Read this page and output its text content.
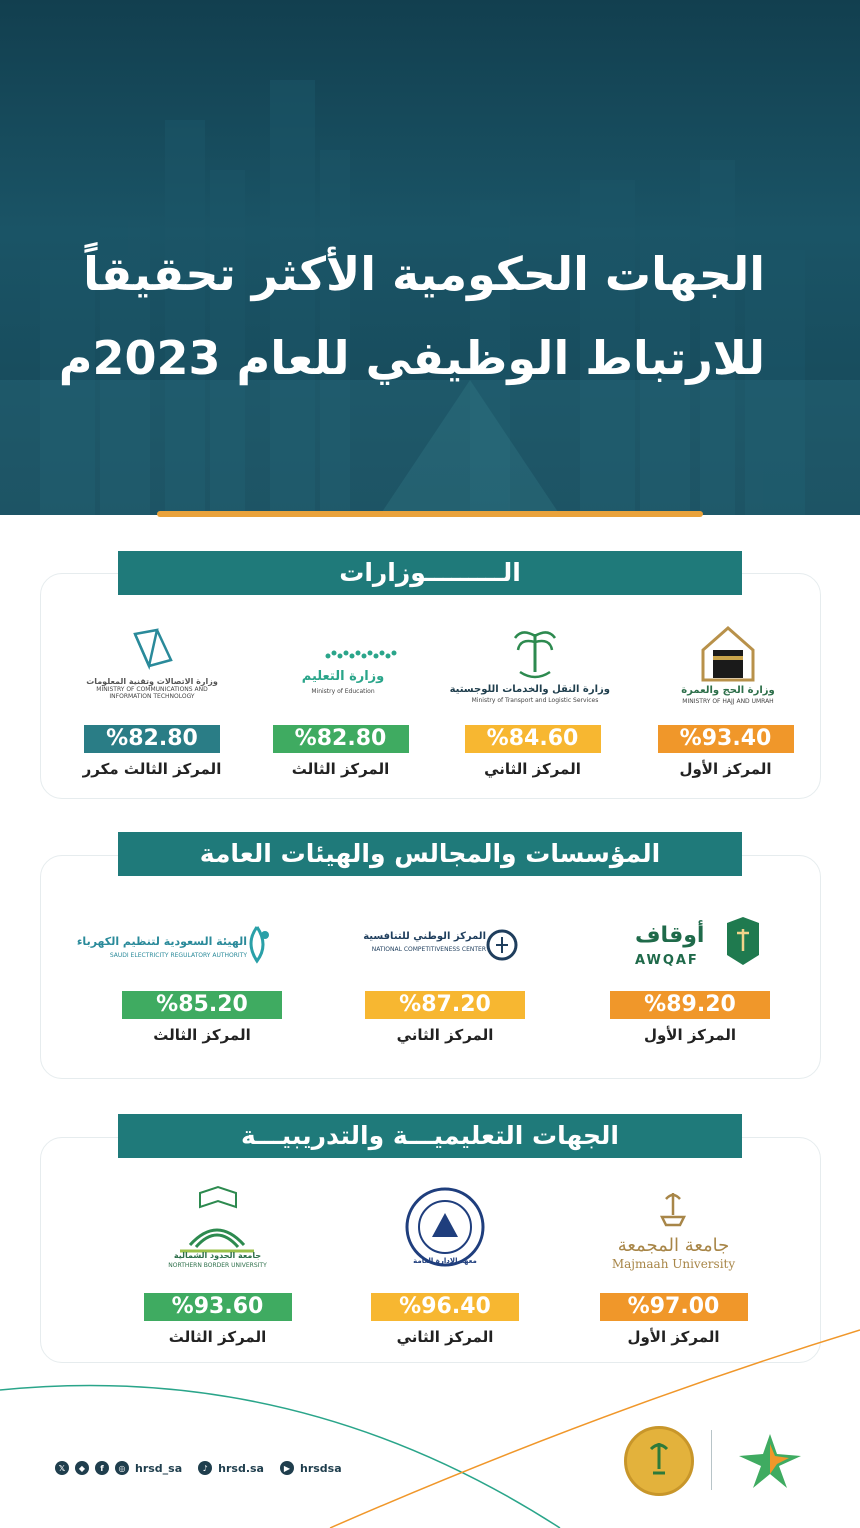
الجهات الحكومية الأكثر تحقيقاً
للارتباط الوظيفي للعام 2023م
الـــــــــوزارات
وزارة الحج والعمرة
MINISTRY OF HAJJ AND UMRAH
%93.40
المركز الأول
وزارة النقل والخدمات اللوجستية
Ministry of Transport and Logistic Services
%84.60
المركز الثاني
وزارة التعليم
Ministry of Education
%82.80
المركز الثالث
وزارة الاتصالات وتقنية المعلومات
MINISTRY OF COMMUNICATIONS AND INFORMATION TECHNOLOGY
%82.80
المركز الثالث مكرر
المؤسسات والمجالس والهيئات العامة
أوقاف
AWQAF
%89.20
المركز الأول
المركز الوطني للتنافسية
NATIONAL COMPETITIVENESS CENTER
%87.20
المركز الثاني
الهيئة السعودية لتنظيم الكهرباء
SAUDI ELECTRICITY REGULATORY AUTHORITY
%85.20
المركز الثالث
الجهات التعليميـــة والتدريبيـــة
جامعة المجمعة
Majmaah University
%97.00
المركز الأول
معهد الإدارة العامة
%96.40
المركز الثاني
جامعة الحدود الشمالية
NORTHERN BORDER UNIVERSITY
%93.60
المركز الثالث
𝕏	◆	f	◎ hrsd_sa	♪ hrsd.sa	▶ hrsdsa
